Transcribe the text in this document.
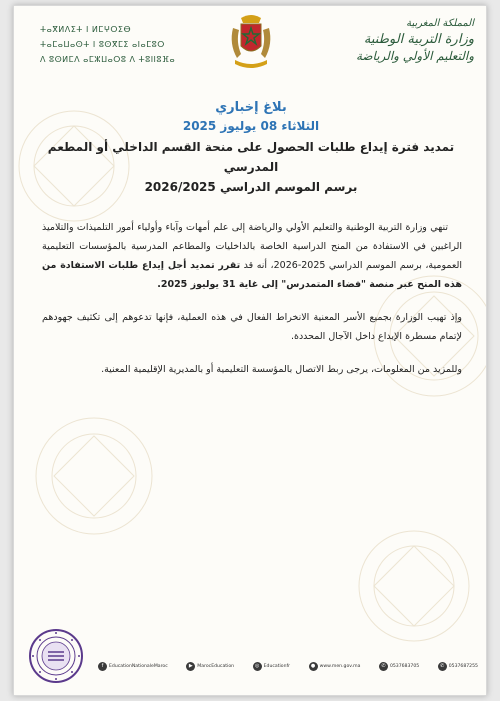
ⵜⴰⴳⵍⴷⵉⵜ ⵏ ⵍⵎⵖⵔⵉⴱ
ⵜⴰⵎⴰⵡⴰⵙⵜ ⵏ ⵓⵙⴳⵎⵉ ⴰⵏⴰⵎⵓⵔ
ⴷ ⵓⵙⵍⵎⴷ ⴰⵎⵣⵡⴰⵔⵓ ⴷ ⵜⵓⵏⵏⵓⴼⴰ
المملكة المغربية
وزارة التربية الوطنية
والتعليم الأولي والرياضة
بلاغ إخباري
الثلاثاء 08 يوليوز 2025
تمديد فترة إيداع طلبات الحصول على منحة القسم الداخلي أو المطعم المدرسي
برسم الموسم الدراسي 2026/2025

تنهي وزارة التربية الوطنية والتعليم الأولي والرياضة إلى علم أمهات وآباء وأولياء أمور التلميذات والتلاميذ الراغبين في الاستفادة من المنح الدراسية الخاصة بالداخليات والمطاعم المدرسية بالمؤسسات التعليمية العمومية، برسم الموسم الدراسي 2025-2026، أنه قد تقرر تمديد أجل إيداع طلبات الاستفادة من هذه المنح عبر منصة "فضاء المتمدرس" إلى غاية 31 يوليوز 2025.

وإذ تهيب الوزارة بجميع الأسر المعنية الانخراط الفعال في هذه العملية، فإنها تدعوهم إلى تكثيف جهودهم لإتمام مسطرة الإيداع داخل الآجال المحددة.

وللمزيد من المعلومات، يرجى ربط الاتصال بالمؤسسة التعليمية أو بالمديرية الإقليمية المعنية.

f	EducationNationaleMaroc	▶ MarocEducation	◎ Educationfr	● www.men.gov.ma	✆ 0537683705	✆ 0537687255
